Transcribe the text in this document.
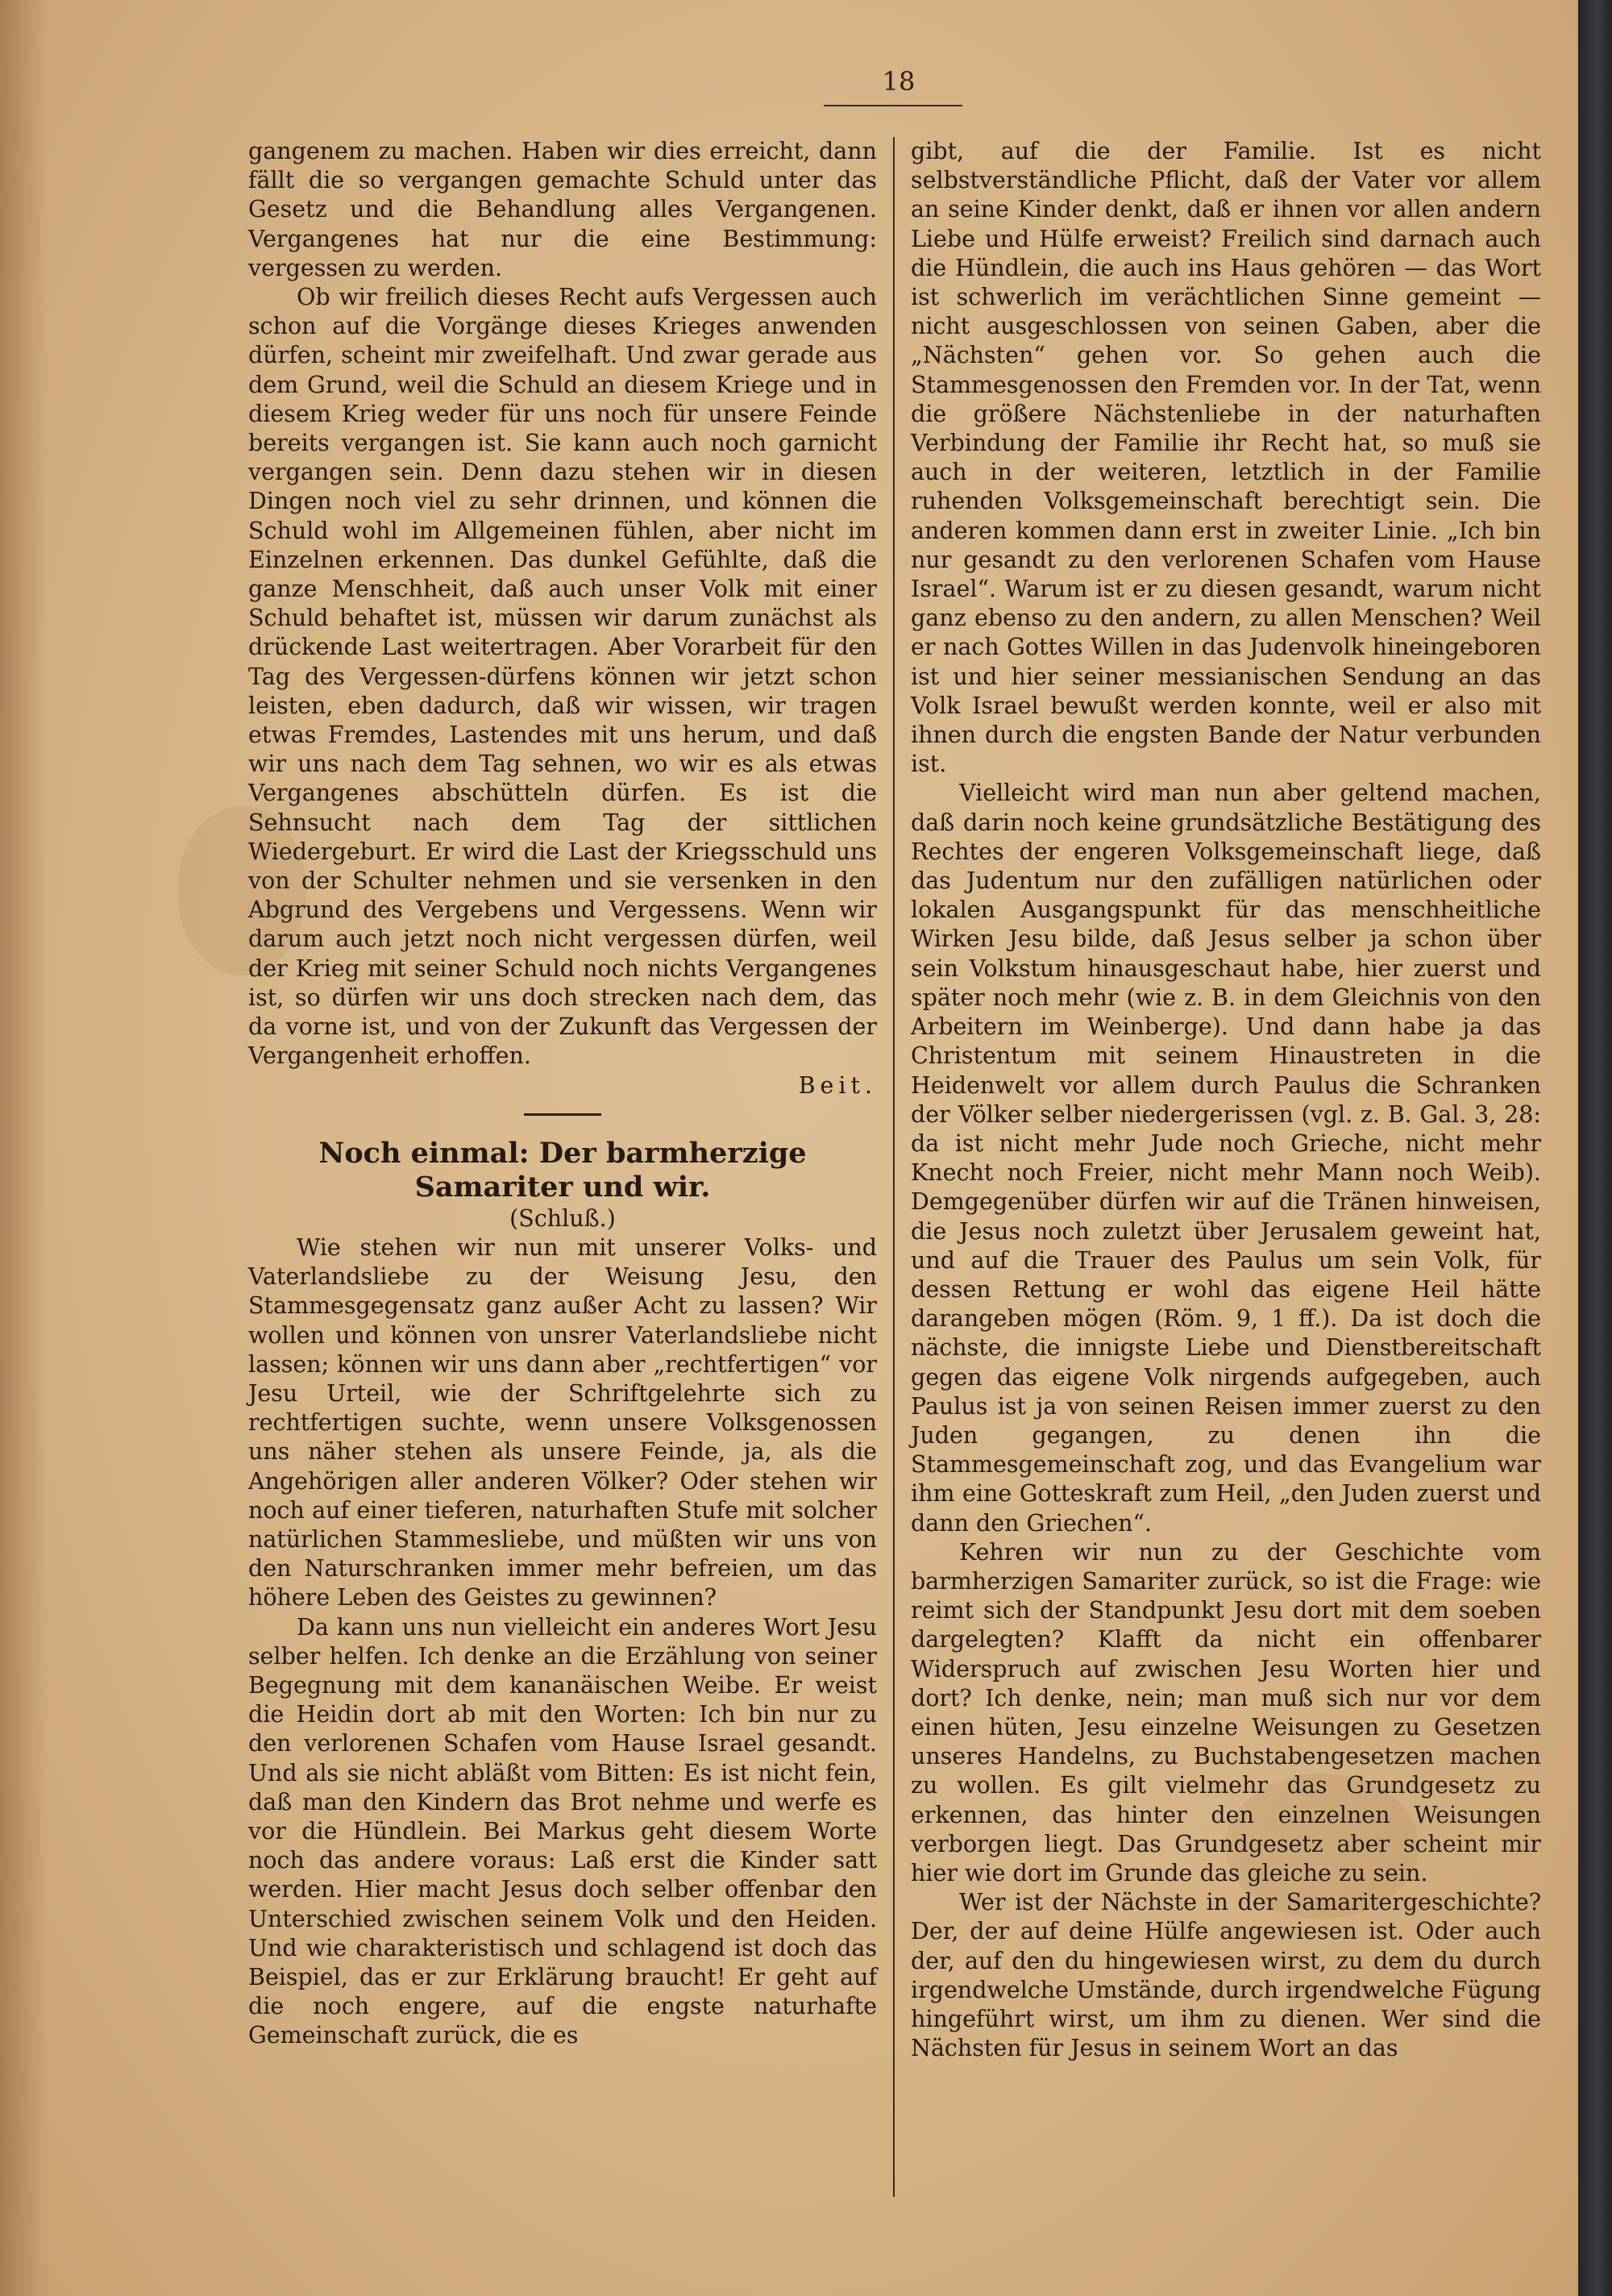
18

gangenem zu machen. Haben wir dies erreicht, dann fällt die so vergangen gemachte Schuld unter das Gesetz und die Behandlung alles Vergangenen. Vergangenes hat nur die eine Bestimmung: vergessen zu werden.

Ob wir freilich dieses Recht aufs Vergessen auch schon auf die Vorgänge dieses Krieges anwenden dürfen, scheint mir zweifelhaft. Und zwar gerade aus dem Grund, weil die Schuld an diesem Kriege und in diesem Krieg weder für uns noch für unsere Feinde bereits vergangen ist. Sie kann auch noch garnicht vergangen sein. Denn dazu stehen wir in diesen Dingen noch viel zu sehr drinnen, und können die Schuld wohl im Allgemeinen fühlen, aber nicht im Einzelnen erkennen. Das dunkel Gefühlte, daß die ganze Menschheit, daß auch unser Volk mit einer Schuld behaftet ist, müssen wir darum zunächst als drückende Last weitertragen. Aber Vorarbeit für den Tag des Vergessen-dürfens können wir jetzt schon leisten, eben dadurch, daß wir wissen, wir tragen etwas Fremdes, Lastendes mit uns herum, und daß wir uns nach dem Tag sehnen, wo wir es als etwas Vergangenes abschütteln dürfen. Es ist die Sehnsucht nach dem Tag der sittlichen Wiedergeburt. Er wird die Last der Kriegsschuld uns von der Schulter nehmen und sie versenken in den Abgrund des Vergebens und Vergessens. Wenn wir darum auch jetzt noch nicht vergessen dürfen, weil der Krieg mit seiner Schuld noch nichts Vergangenes ist, so dürfen wir uns doch strecken nach dem, das da vorne ist, und von der Zukunft das Vergessen der Vergangenheit erhoffen.

Beit.

Noch einmal: Der barmherzige Samariter und wir.

(Schluß.)

Wie stehen wir nun mit unserer Volks- und Vaterlandsliebe zu der Weisung Jesu, den Stammesgegensatz ganz außer Acht zu lassen? Wir wollen und können von unsrer Vaterlandsliebe nicht lassen; können wir uns dann aber „rechtfertigen“ vor Jesu Urteil, wie der Schriftgelehrte sich zu rechtfertigen suchte, wenn unsere Volksgenossen uns näher stehen als unsere Feinde, ja, als die Angehörigen aller anderen Völker? Oder stehen wir noch auf einer tieferen, naturhaften Stufe mit solcher natürlichen Stammesliebe, und müßten wir uns von den Naturschranken immer mehr befreien, um das höhere Leben des Geistes zu gewinnen?

Da kann uns nun vielleicht ein anderes Wort Jesu selber helfen. Ich denke an die Erzählung von seiner Begegnung mit dem kananäischen Weibe. Er weist die Heidin dort ab mit den Worten: Ich bin nur zu den verlorenen Schafen vom Hause Israel gesandt. Und als sie nicht abläßt vom Bitten: Es ist nicht fein, daß man den Kindern das Brot nehme und werfe es vor die Hündlein. Bei Markus geht diesem Worte noch das andere voraus: Laß erst die Kinder satt werden. Hier macht Jesus doch selber offenbar den Unterschied zwischen seinem Volk und den Heiden. Und wie charakteristisch und schlagend ist doch das Beispiel, das er zur Erklärung braucht! Er geht auf die noch engere, auf die engste naturhafte Gemeinschaft zurück, die es

gibt, auf die der Familie. Ist es nicht selbstverständliche Pflicht, daß der Vater vor allem an seine Kinder denkt, daß er ihnen vor allen andern Liebe und Hülfe erweist? Freilich sind darnach auch die Hündlein, die auch ins Haus gehören — das Wort ist schwerlich im verächtlichen Sinne gemeint — nicht ausgeschlossen von seinen Gaben, aber die „Nächsten“ gehen vor. So gehen auch die Stammesgenossen den Fremden vor. In der Tat, wenn die größere Nächstenliebe in der naturhaften Verbindung der Familie ihr Recht hat, so muß sie auch in der weiteren, letztlich in der Familie ruhenden Volksgemeinschaft berechtigt sein. Die anderen kommen dann erst in zweiter Linie. „Ich bin nur gesandt zu den verlorenen Schafen vom Hause Israel“. Warum ist er zu diesen gesandt, warum nicht ganz ebenso zu den andern, zu allen Menschen? Weil er nach Gottes Willen in das Judenvolk hineingeboren ist und hier seiner messianischen Sendung an das Volk Israel bewußt werden konnte, weil er also mit ihnen durch die engsten Bande der Natur verbunden ist.

Vielleicht wird man nun aber geltend machen, daß darin noch keine grundsätzliche Bestätigung des Rechtes der engeren Volksgemeinschaft liege, daß das Judentum nur den zufälligen natürlichen oder lokalen Ausgangspunkt für das menschheitliche Wirken Jesu bilde, daß Jesus selber ja schon über sein Volkstum hinausgeschaut habe, hier zuerst und später noch mehr (wie z. B. in dem Gleichnis von den Arbeitern im Weinberge). Und dann habe ja das Christentum mit seinem Hinaustreten in die Heidenwelt vor allem durch Paulus die Schranken der Völker selber niedergerissen (vgl. z. B. Gal. 3, 28: da ist nicht mehr Jude noch Grieche, nicht mehr Knecht noch Freier, nicht mehr Mann noch Weib). Demgegenüber dürfen wir auf die Tränen hinweisen, die Jesus noch zuletzt über Jerusalem geweint hat, und auf die Trauer des Paulus um sein Volk, für dessen Rettung er wohl das eigene Heil hätte darangeben mögen (Röm. 9, 1 ff.). Da ist doch die nächste, die innigste Liebe und Dienstbereitschaft gegen das eigene Volk nirgends aufgegeben, auch Paulus ist ja von seinen Reisen immer zuerst zu den Juden gegangen, zu denen ihn die Stammesgemeinschaft zog, und das Evangelium war ihm eine Gotteskraft zum Heil, „den Juden zuerst und dann den Griechen“.

Kehren wir nun zu der Geschichte vom barmherzigen Samariter zurück, so ist die Frage: wie reimt sich der Standpunkt Jesu dort mit dem soeben dargelegten? Klafft da nicht ein offenbarer Widerspruch auf zwischen Jesu Worten hier und dort? Ich denke, nein; man muß sich nur vor dem einen hüten, Jesu einzelne Weisungen zu Gesetzen unseres Handelns, zu Buchstabengesetzen machen zu wollen. Es gilt vielmehr das Grundgesetz zu erkennen, das hinter den einzelnen Weisungen verborgen liegt. Das Grundgesetz aber scheint mir hier wie dort im Grunde das gleiche zu sein.

Wer ist der Nächste in der Samaritergeschichte? Der, der auf deine Hülfe angewiesen ist. Oder auch der, auf den du hingewiesen wirst, zu dem du durch irgendwelche Umstände, durch irgendwelche Fügung hingeführt wirst, um ihm zu dienen. Wer sind die Nächsten für Jesus in seinem Wort an das
